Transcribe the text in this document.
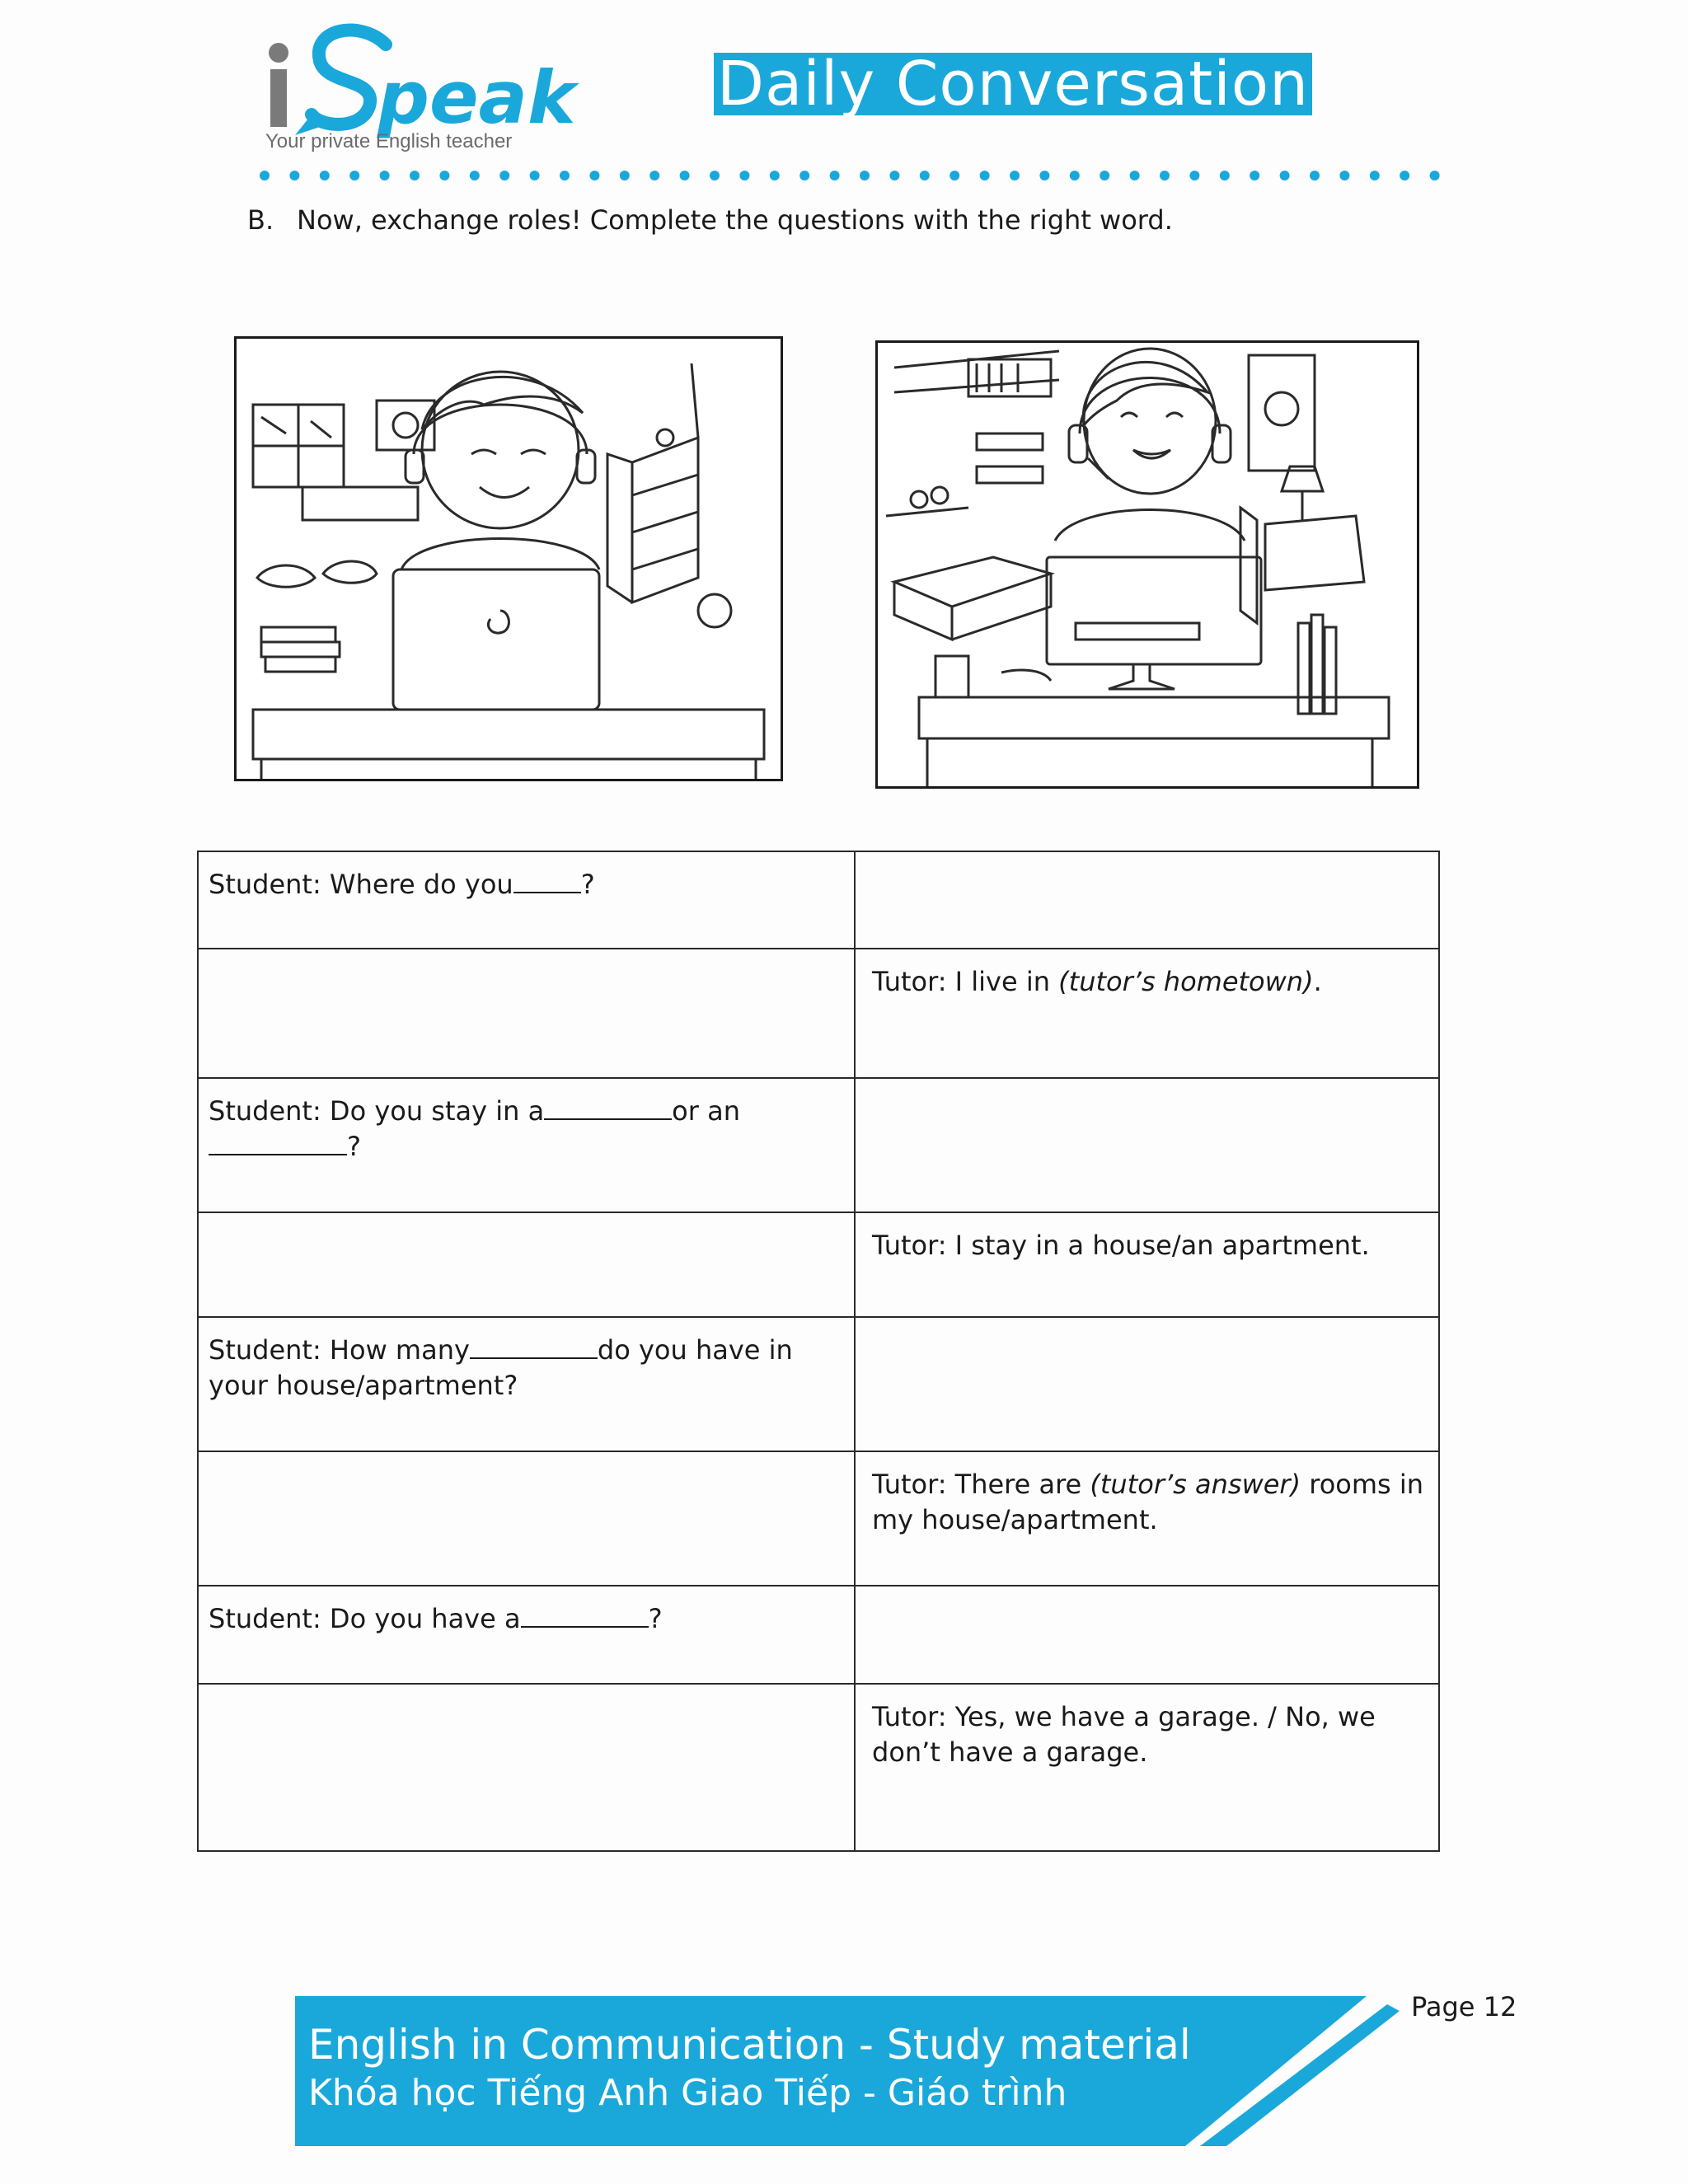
peak
Your private English teacher
Daily Conversation
B. Now, exchange roles! Complete the questions with the right word.
Student: Where do you	?
Tutor: I live in (tutor’s hometown).
Student: Do you stay in a	or an
?
Tutor: I stay in a house/an apartment.
Student: How many	do you have in your house/apartment?
Tutor: There are (tutor’s answer) rooms in my house/apartment.
Student: Do you have a	?
Tutor: Yes, we have a garage. / No, we don’t have a garage.
English in Communication - Study material
Khóa học Tiếng Anh Giao Tiếp - Giáo trình
Page 12
